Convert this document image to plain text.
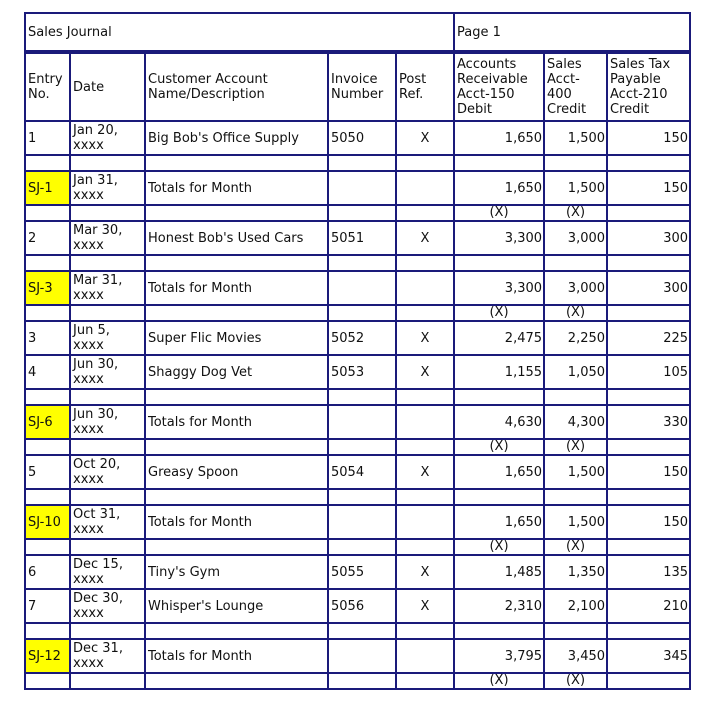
Sales Journal					Page 1		
Entry No.	Date	Customer Account Name/Description	Invoice Number	Post Ref.	Accounts Receivable Acct-150 Debit	Sales Acct-400 Credit	Sales Tax Payable Acct-210 Credit
1	Jan 20, xxxx	Big Bob's Office Supply	5050	X	1,650	1,500	150

SJ-1	Jan 31, xxxx	Totals for Month			1,650	1,500	150
					(X)	(X)	
2	Mar 30, xxxx	Honest Bob's Used Cars	5051	X	3,300	3,000	300

SJ-3	Mar 31, xxxx	Totals for Month			3,300	3,000	300
					(X)	(X)	
3	Jun 5, xxxx	Super Flic Movies	5052	X	2,475	2,250	225
4	Jun 30, xxxx	Shaggy Dog Vet	5053	X	1,155	1,050	105

SJ-6	Jun 30, xxxx	Totals for Month			4,630	4,300	330
					(X)	(X)	
5	Oct 20, xxxx	Greasy Spoon	5054	X	1,650	1,500	150

SJ-10	Oct 31, xxxx	Totals for Month			1,650	1,500	150
					(X)	(X)	
6	Dec 15, xxxx	Tiny's Gym	5055	X	1,485	1,350	135
7	Dec 30, xxxx	Whisper's Lounge	5056	X	2,310	2,100	210

SJ-12	Dec 31, xxxx	Totals for Month			3,795	3,450	345
					(X)	(X)	
